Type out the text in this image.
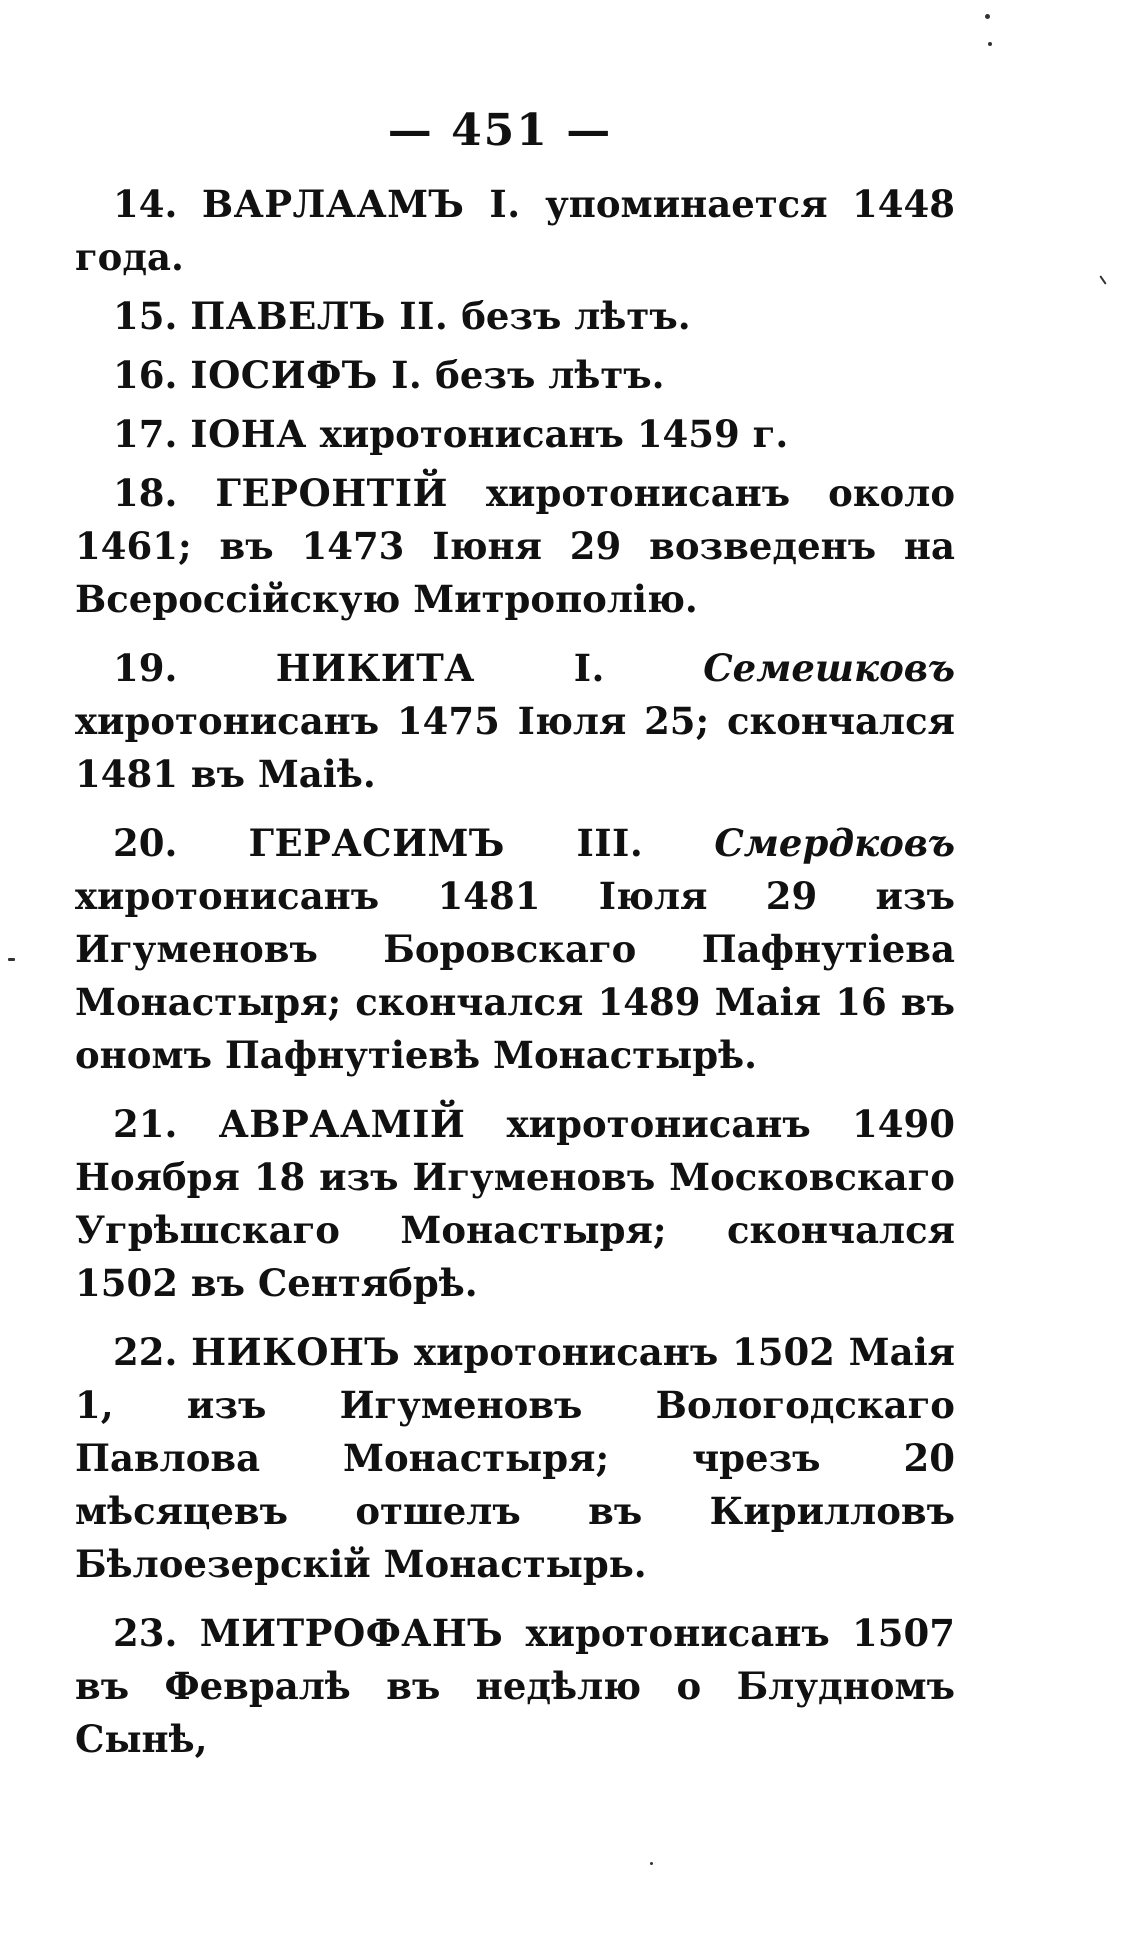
— 451 —

14. ВАРЛААМЪ I. упоминается 1448 года.

15. ПАВЕЛЪ II. безъ лѣтъ.

16. IОСИФЪ I. безъ лѣтъ.

17. IОНА хиротонисанъ 1459 г.

18. ГЕРОНТIЙ хиротонисанъ около 1461; въ 1473 Iюня 29 возведенъ на Всероссiйскую Митрополiю.

19.	НИКИТА I.	Семешковъ хиротонисанъ 1475 Iюля 25; скончался 1481 въ Маiѣ.

20. ГЕРАСИМЪ III. Смердковъ хиротонисанъ 1481 Iюля 29 изъ Игуменовъ Боровскаго Пафнутiева Монастыря; скончался 1489 Маiя 16 въ ономъ Пафнутiевѣ Монастырѣ.

21. АВРААМIЙ хиротонисанъ 1490 Ноября 18 изъ Игуменовъ Московскаго Угрѣшскаго Монастыря; скончался 1502 въ Сентябрѣ.

22. НИКОНЪ хиротонисанъ 1502 Маiя 1, изъ Игуменовъ Вологодскаго Павлова Монастыря; чрезъ 20 мѣсяцевъ отшелъ въ Кирилловъ Бѣлоезерскiй Монастырь.

23. МИТРОФАНЪ хиротонисанъ 1507 въ Февралѣ въ недѣлю о Блудномъ Сынѣ,
